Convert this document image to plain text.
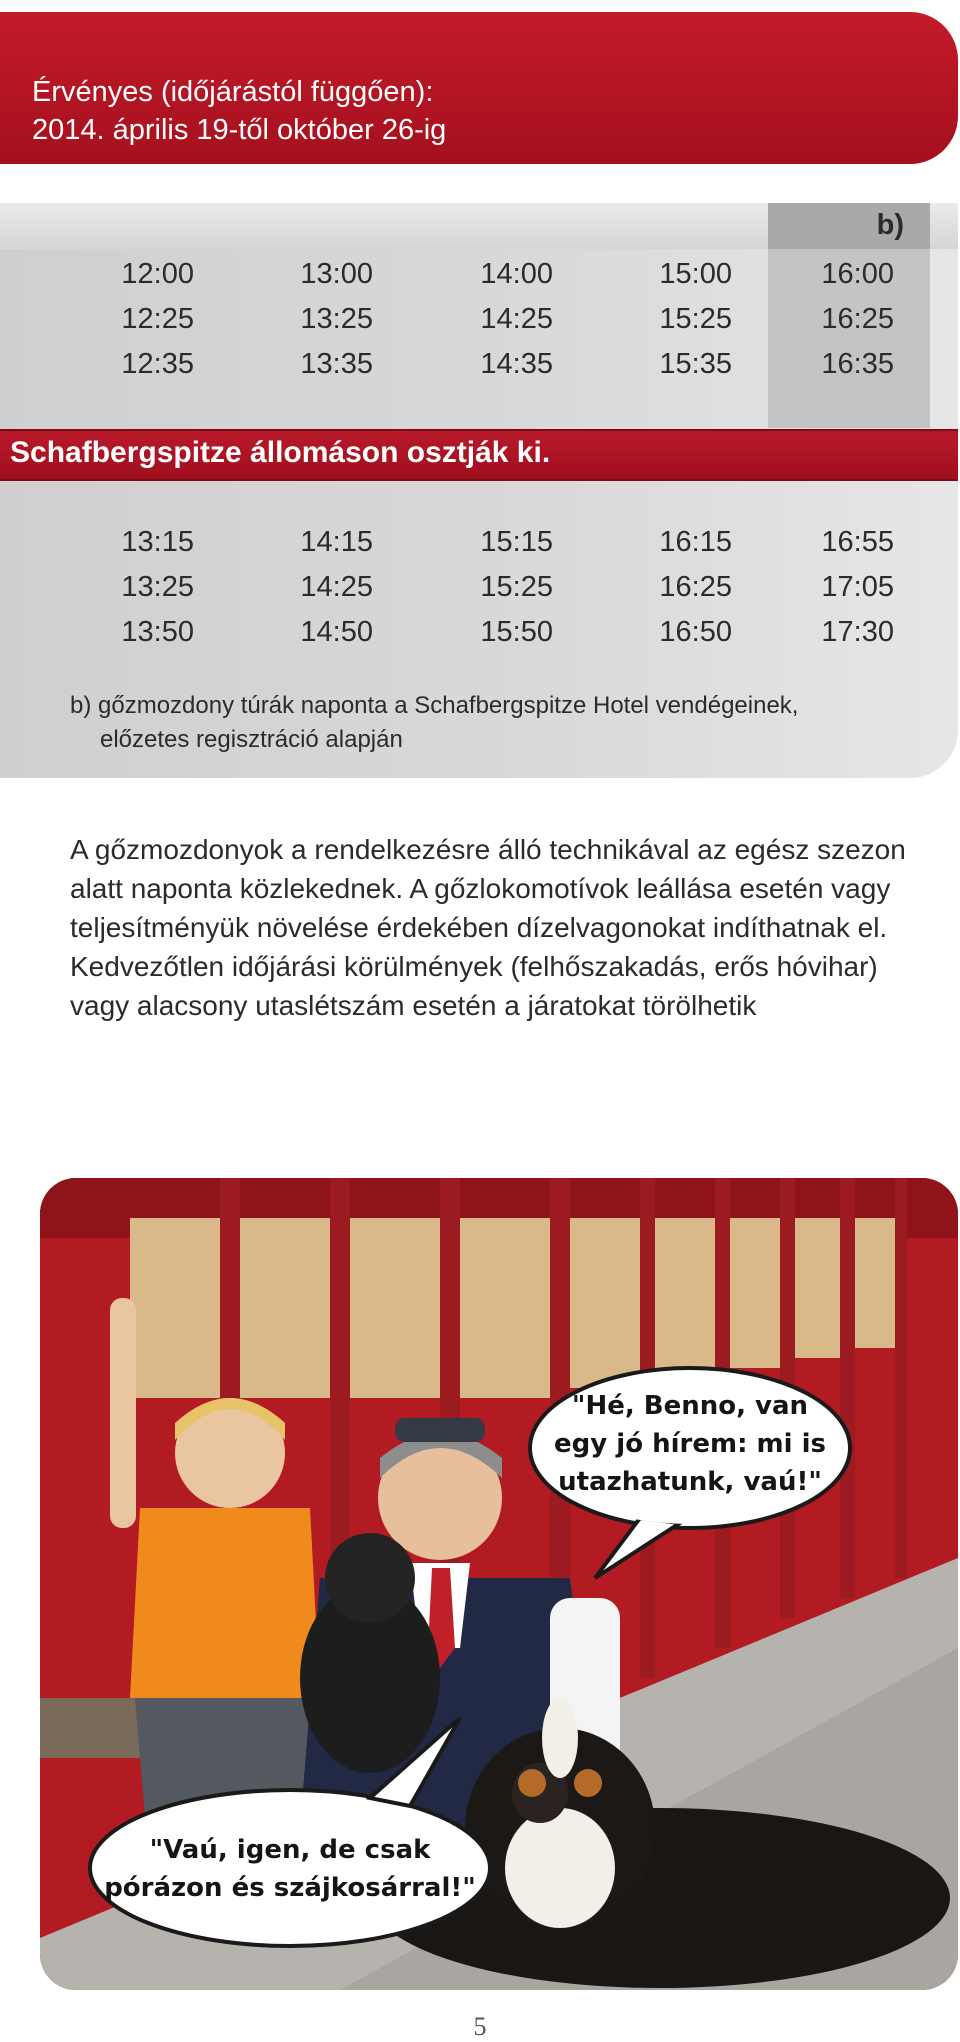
Érvényes (időjárástól függően):
2014. április 19-től október 26-ig
b)
12:00	13:00	14:00	15:00	16:00
12:25	13:25	14:25	15:25	16:25
12:35	13:35	14:35	15:35	16:35
Schafbergspitze állomáson osztják ki.
13:15	14:15	15:15	16:15	16:55
13:25	14:25	15:25	16:25	17:05
13:50	14:50	15:50	16:50	17:30
b) gőzmozdony túrák naponta a Schafbergspitze Hotel vendégeinek,
előzetes regisztráció alapján
A gőzmozdonyok a rendelkezésre álló technikával az egész szezon
alatt naponta közlekednek. A gőzlokomotívok leállása esetén vagy
teljesítményük növelése érdekében dízelvagonokat indíthatnak el.
Kedvezőtlen időjárási körülmények (felhőszakadás, erős hóvihar)
vagy alacsony utaslétszám esetén a járatokat törölhetik
"Hé, Benno, van
egy jó hírem: mi is
utazhatunk, vaú!"
"Vaú, igen, de csak
pórázon és szájkosárral!"
5
